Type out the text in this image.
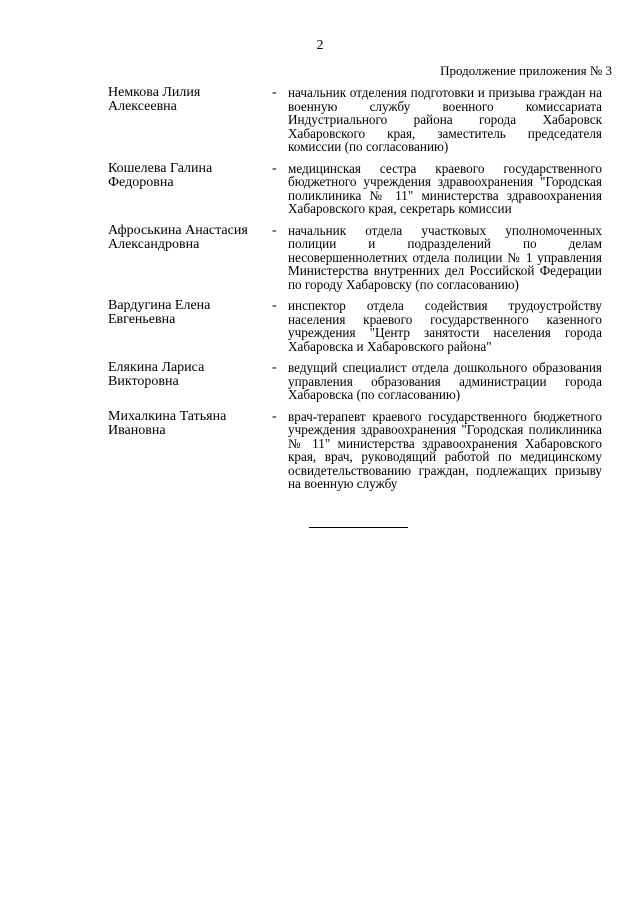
2
Продолжение приложения № 3
Немкова Лилия
Алексеевна
- начальник отделения подготовки и призыва граждан на военную службу военного комиссариата Индустриального района города Хабаровск Хабаровского края, заместитель председателя комиссии (по согласованию)
Кошелева Галина
Федоровна
- медицинская сестра краевого государственного бюджетного учреждения здравоохранения "Городская поликлиника № 11" министерства здравоохранения Хабаровского края, секретарь комиссии
Афроськина Анастасия
Александровна
- начальник отдела участковых уполномоченных полиции и подразделений по делам несовершеннолетних отдела полиции № 1 управления Министерства внутренних дел Российской Федерации по городу Хабаровску (по согласованию)
Вардугина Елена
Евгеньевна
- инспектор отдела содействия трудоустройству населения краевого государственного казенного учреждения "Центр занятости населения города Хабаровска и Хабаровского района"
Елякина Лариса
Викторовна
- ведущий специалист отдела дошкольного образования управления образования администрации города Хабаровска (по согласованию)
Михалкина Татьяна
Ивановна
- врач-терапевт краевого государственного бюджетного учреждения здравоохранения "Городская поликлиника № 11" министерства здравоохранения Хабаровского края, врач, руководящий работой по медицинскому освидетельствованию граждан, подлежащих призыву на военную службу
